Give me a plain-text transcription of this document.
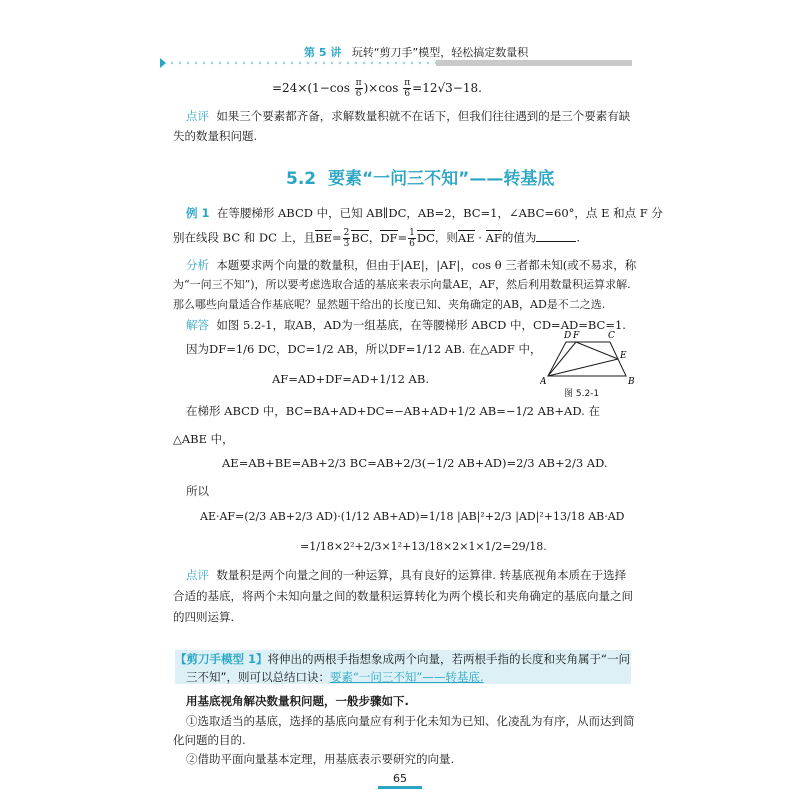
第 5 讲 玩转“剪刀手”模型，轻松搞定数量积
$=24\times(1-\cos \frac{\pi}{6} )\times\cos \frac{\pi}{6} =12√3-18$.
点评 如果三个要素都齐备，求解数量积就不在话下，但我们往往遇到的是三个要素有缺
失的数量积问题.
5.2 要素“一问三不知”——转基底
例 1 在等腰梯形 ABCD 中，已知 AB∥DC，AB=2，BC=1，∠ABC=60°，点 E 和点 F 分
别在线段 BC 和 DC 上，且$BE= \frac{2}{3}$ BC，$DF= \frac{1}{6}$ DC，则AE · AF的值为	.
分析 本题要求两个向量的数量积，但由于|AE|，|AF|，cos θ 三者都未知(或不易求，称
为“一问三不知”)，所以要考虑选取合适的基底来表示向量AE，AF，然后利用数量积运算求解.
那么哪些向量适合作基底呢？显然题干给出的长度已知、夹角确定的AB，AD是不二之选.
解答 如图 5.2-1，取AB，AD为一组基底，在等腰梯形 ABCD 中，CD=AD=BC=1.
因为DF=1/6 DC，DC=1/2 AB，所以DF=1/12 AB. 在△ADF 中，
AF=AD+DF=AD+1/12 AB.
D F	C
E
A	B
图 5.2-1
在梯形 ABCD 中，BC=BA+AD+DC=−AB+AD+1/2 AB=−1/2 AB+AD. 在
△ABE 中，
AE=AB+BE=AB+2/3 BC=AB+2/3(−1/2 AB+AD)=2/3 AB+2/3 AD.
所以
AE·AF=(2/3 AB+2/3 AD)·(1/12 AB+AD)=1/18 |AB|²+2/3 |AD|²+13/18 AB·AD
=1/18×2²+2/3×1²+13/18×2×1×1/2=29/18.
点评 数量积是两个向量之间的一种运算，具有良好的运算律. 转基底视角本质在于选择
合适的基底，将两个未知向量之间的数量积运算转化为两个模长和夹角确定的基底向量之间
的四则运算.
【剪刀手模型 1】将伸出的两根手指想象成两个向量，若两根手指的长度和夹角属于“一问
三不知”，则可以总结口诀：要素“一问三不知”——转基底.
用基底视角解决数量积问题，一般步骤如下.
①选取适当的基底，选择的基底向量应有利于化未知为已知、化凌乱为有序，从而达到简
化问题的目的.
②借助平面向量基本定理，用基底表示要研究的向量.
65
